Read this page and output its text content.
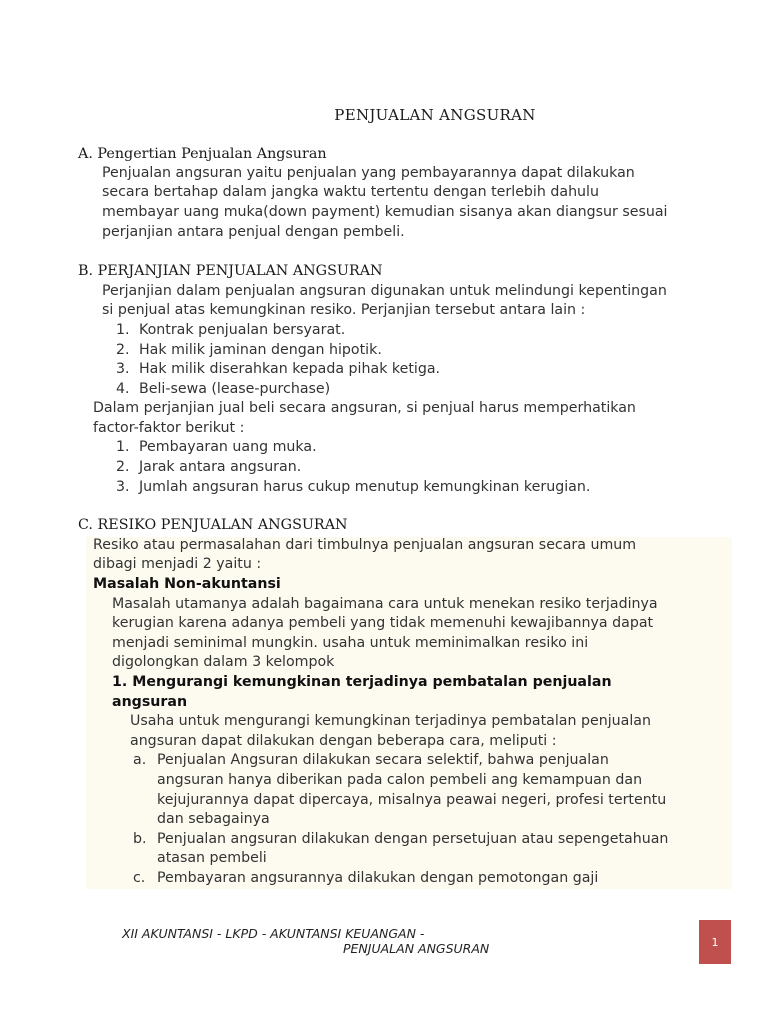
PENJUALAN ANGSURAN
A. Pengertian Penjualan Angsuran
Penjualan angsuran yaitu penjualan yang pembayarannya dapat dilakukan
secara bertahap dalam jangka waktu tertentu dengan terlebih dahulu
membayar uang muka(down payment) kemudian sisanya akan diangsur sesuai
perjanjian antara penjual dengan pembeli.
B. PERJANJIAN PENJUALAN ANGSURAN
Perjanjian dalam penjualan angsuran digunakan untuk melindungi kepentingan
si penjual atas kemungkinan resiko. Perjanjian tersebut antara lain :
1. Kontrak penjualan bersyarat.
2. Hak milik jaminan dengan hipotik.
3. Hak milik diserahkan kepada pihak ketiga.
4. Beli-sewa (lease-purchase)
Dalam perjanjian jual beli secara angsuran, si penjual harus memperhatikan
factor-faktor berikut :
1. Pembayaran uang muka.
2. Jarak antara angsuran.
3. Jumlah angsuran harus cukup menutup kemungkinan kerugian.
C. RESIKO PENJUALAN ANGSURAN
Resiko atau permasalahan dari timbulnya penjualan angsuran secara umum
dibagi menjadi 2 yaitu :
Masalah Non-akuntansi
Masalah utamanya adalah bagaimana cara untuk menekan resiko terjadinya
kerugian karena adanya pembeli yang tidak memenuhi kewajibannya dapat
menjadi seminimal mungkin. usaha untuk meminimalkan resiko ini
digolongkan dalam 3 kelompok
1. Mengurangi kemungkinan terjadinya pembatalan penjualan
angsuran
Usaha untuk mengurangi kemungkinan terjadinya pembatalan penjualan
angsuran dapat dilakukan dengan beberapa cara, meliputi :
a. Penjualan Angsuran dilakukan secara selektif, bahwa penjualan
angsuran hanya diberikan pada calon pembeli ang kemampuan dan
kejujurannya dapat dipercaya, misalnya peawai negeri, profesi tertentu
dan sebagainya
b. Penjualan angsuran dilakukan dengan persetujuan atau sepengetahuan
atasan pembeli
c. Pembayaran angsurannya dilakukan dengan pemotongan gaji
XII AKUNTANSI - LKPD - AKUNTANSI KEUANGAN -
PENJUALAN ANGSURAN	1
